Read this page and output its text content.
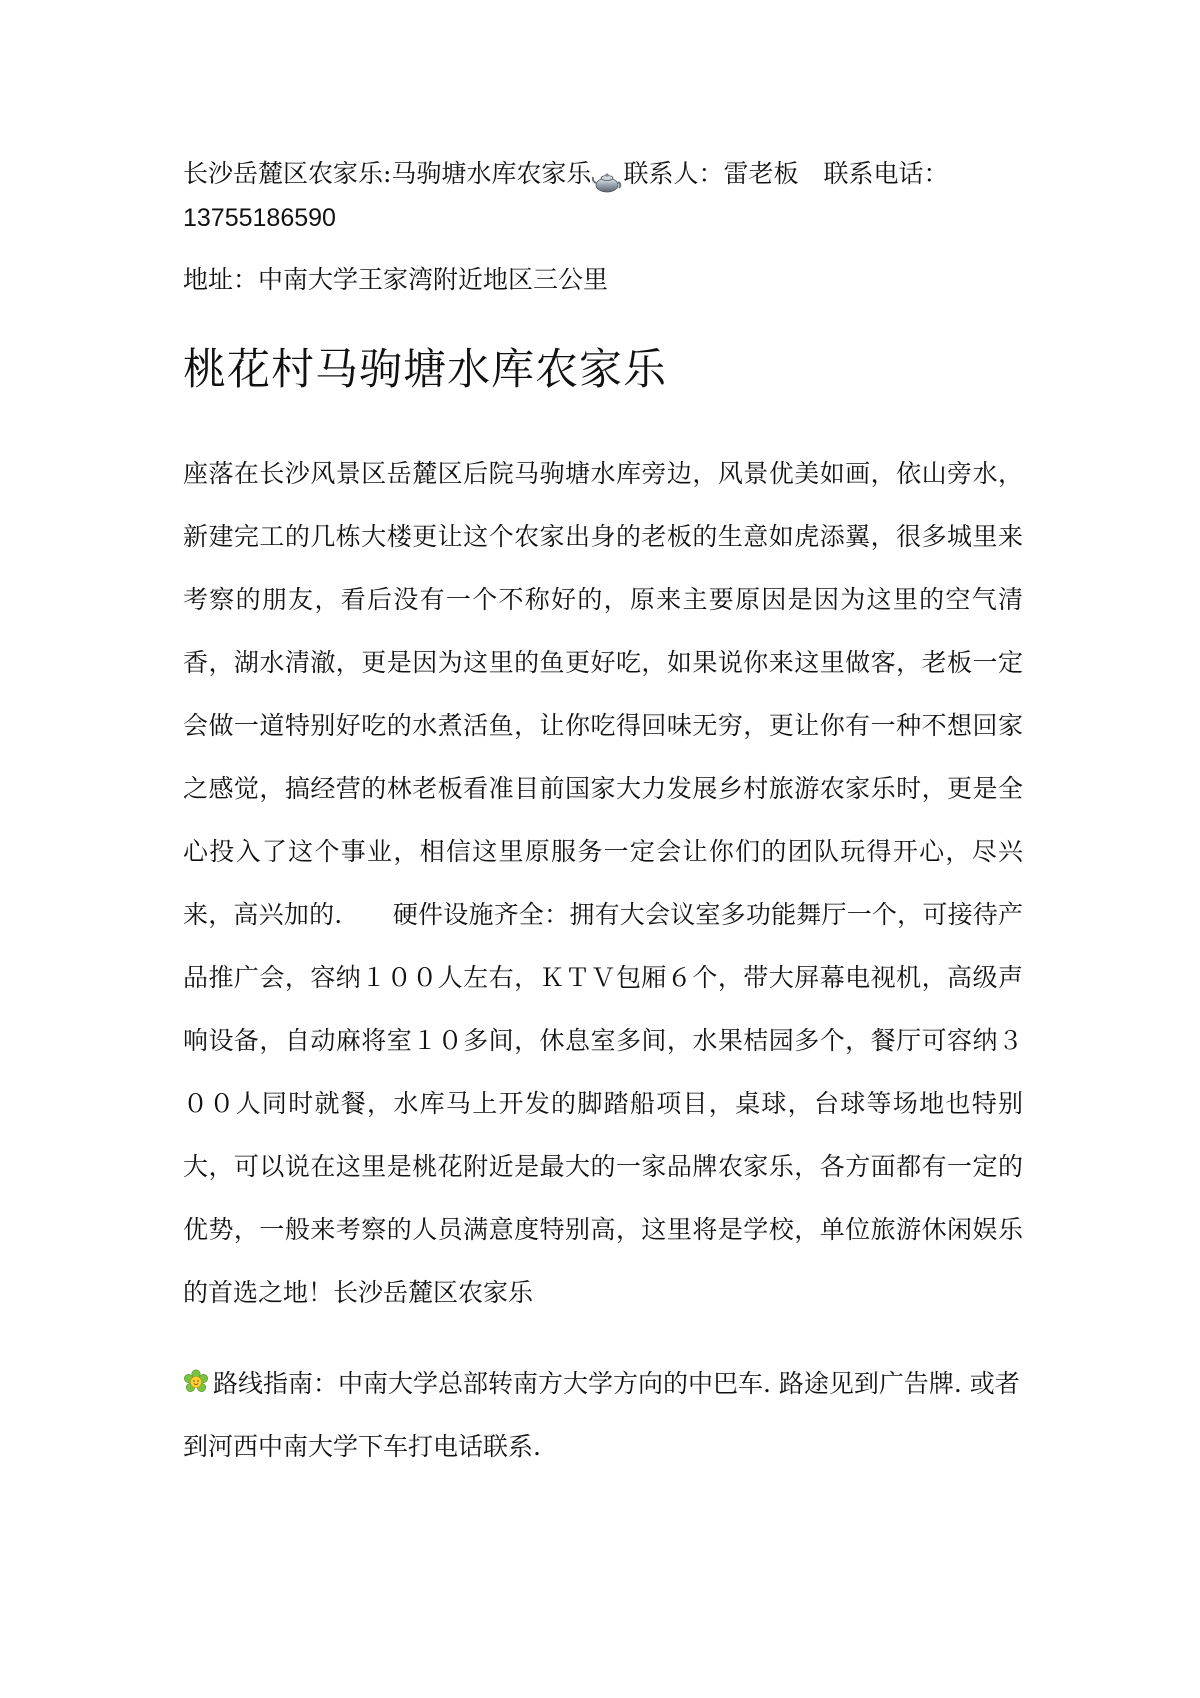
长沙岳麓区农家乐:马驹塘水库农家乐 联系人：雷老板　联系电话：

13755186590

地址：中南大学王家湾附近地区三公里

桃花村马驹塘水库农家乐

座落在长沙风景区岳麓区后院马驹塘水库旁边，风景优美如画，依山旁水，新建完工的几栋大楼更让这个农家出身的老板的生意如虎添翼，很多城里来考察的朋友，看后没有一个不称好的，原来主要原因是因为这里的空气清香，湖水清澈，更是因为这里的鱼更好吃，如果说你来这里做客，老板一定会做一道特别好吃的水煮活鱼，让你吃得回味无穷，更让你有一种不想回家之感觉，搞经营的林老板看准目前国家大力发展乡村旅游农家乐时，更是全心投入了这个事业，相信这里原服务一定会让你们的团队玩得开心，尽兴来，高兴加的.　　硬件设施齐全：拥有大会议室多功能舞厅一个，可接待产品推广会，容纳１００人左右，ＫＴＶ包厢６个，带大屏幕电视机，高级声响设备，自动麻将室１０多间，休息室多间，水果桔园多个，餐厅可容纳３００人同时就餐，水库马上开发的脚踏船项目，桌球，台球等场地也特别大，可以说在这里是桃花附近是最大的一家品牌农家乐，各方面都有一定的优势，一般来考察的人员满意度特别高，这里将是学校，单位旅游休闲娱乐的首选之地！长沙岳麓区农家乐

路线指南：中南大学总部转南方大学方向的中巴车. 路途见到广告牌. 或者到河西中南大学下车打电话联系.
